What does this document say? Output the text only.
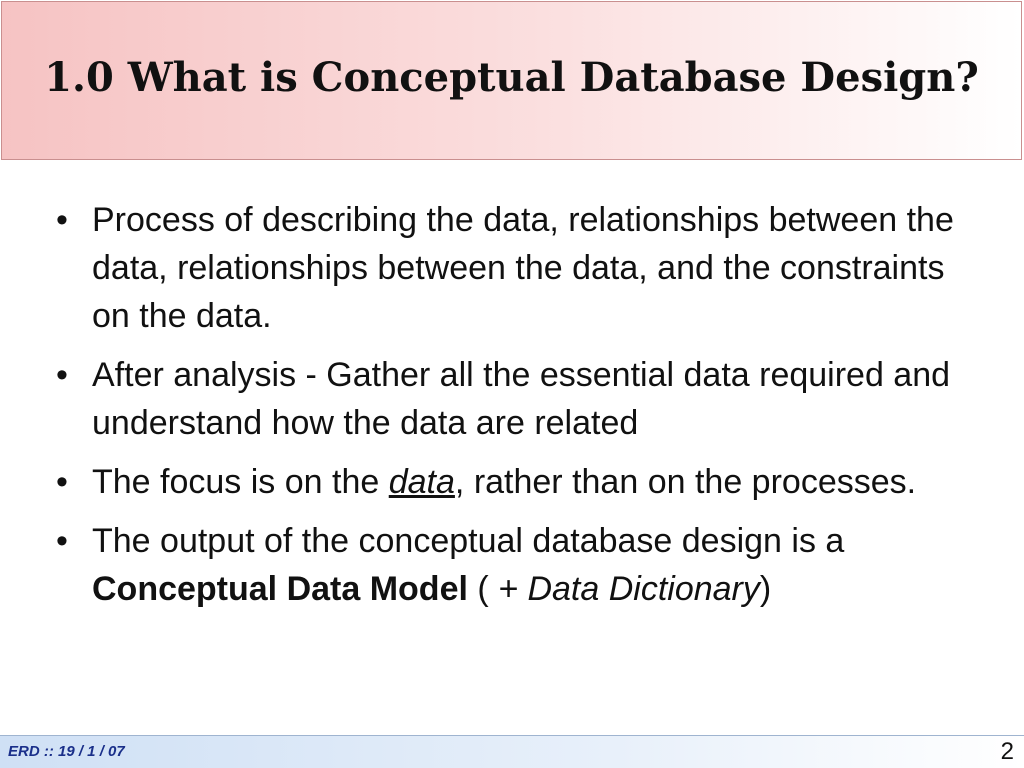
1.0 What is Conceptual Database Design?
• Process of describing the data, relationships between the data, relationships between the data, and the constraints on the data.
• After analysis - Gather all the essential data required and understand how the data are related
• The focus is on the data, rather than on the processes.
• The output of the conceptual database design is a Conceptual Data Model ( + Data Dictionary)
ERD :: 19 / 1 / 07	2
